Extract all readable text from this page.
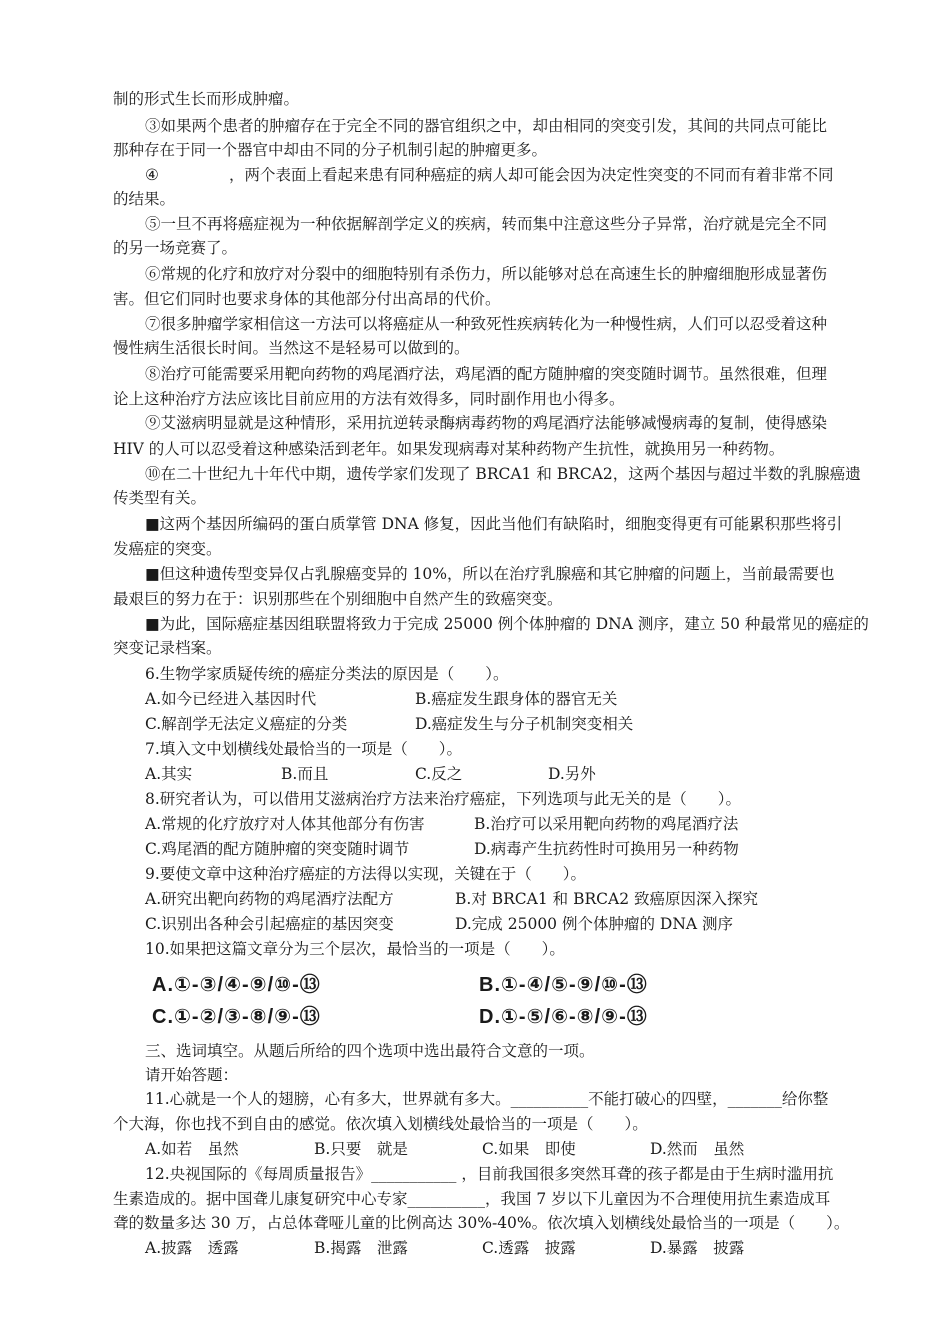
制的形式生长而形成肿瘤。
③如果两个患者的肿瘤存在于完全不同的器官组织之中，却由相同的突变引发，其间的共同点可能比
那种存在于同一个器官中却由不同的分子机制引起的肿瘤更多。
④	，两个表面上看起来患有同种癌症的病人却可能会因为决定性突变的不同而有着非常不同
的结果。
⑤一旦不再将癌症视为一种依据解剖学定义的疾病，转而集中注意这些分子异常，治疗就是完全不同
的另一场竞赛了。
⑥常规的化疗和放疗对分裂中的细胞特别有杀伤力，所以能够对总在高速生长的肿瘤细胞形成显著伤
害。但它们同时也要求身体的其他部分付出高昂的代价。
⑦很多肿瘤学家相信这一方法可以将癌症从一种致死性疾病转化为一种慢性病，人们可以忍受着这种
慢性病生活很长时间。当然这不是轻易可以做到的。
⑧治疗可能需要采用靶向药物的鸡尾酒疗法，鸡尾酒的配方随肿瘤的突变随时调节。虽然很难，但理
论上这种治疗方法应该比目前应用的方法有效得多，同时副作用也小得多。
⑨艾滋病明显就是这种情形，采用抗逆转录酶病毒药物的鸡尾酒疗法能够减慢病毒的复制，使得感染
HIV 的人可以忍受着这种感染活到老年。如果发现病毒对某种药物产生抗性，就换用另一种药物。
⑩在二十世纪九十年代中期，遗传学家们发现了 BRCA1 和 BRCA2，这两个基因与超过半数的乳腺癌遗
传类型有关。
■这两个基因所编码的蛋白质掌管 DNA 修复，因此当他们有缺陷时，细胞变得更有可能累积那些将引
发癌症的突变。
■但这种遗传型变异仅占乳腺癌变异的 10%，所以在治疗乳腺癌和其它肿瘤的问题上，当前最需要也
最艰巨的努力在于：识别那些在个别细胞中自然产生的致癌突变。
■为此，国际癌症基因组联盟将致力于完成 25000 例个体肿瘤的 DNA 测序，建立 50 种最常见的癌症的
突变记录档案。
6.生物学家质疑传统的癌症分类法的原因是（　　）。
A.如今已经进入基因时代	B.癌症发生跟身体的器官无关
C.解剖学无法定义癌症的分类	D.癌症发生与分子机制突变相关
7.填入文中划横线处最恰当的一项是（　　）。
A.其实	B.而且	C.反之	D.另外
8.研究者认为，可以借用艾滋病治疗方法来治疗癌症，下列选项与此无关的是（　　）。
A.常规的化疗放疗对人体其他部分有伤害	B.治疗可以采用靶向药物的鸡尾酒疗法
C.鸡尾酒的配方随肿瘤的突变随时调节	D.病毒产生抗药性时可换用另一种药物
9.要使文章中这种治疗癌症的方法得以实现，关键在于（　　）。
A.研究出靶向药物的鸡尾酒疗法配方	B.对 BRCA1 和 BRCA2 致癌原因深入探究
C.识别出各种会引起癌症的基因突变	D.完成 25000 例个体肿瘤的 DNA 测序
10.如果把这篇文章分为三个层次，最恰当的一项是（　　）。
A.①-③/④-⑨/⑩-⑬	B.①-④/⑤-⑨/⑩-⑬
C.①-②/③-⑧/⑨-⑬	D.①-⑤/⑥-⑧/⑨-⑬
三、选词填空。从题后所给的四个选项中选出最符合文意的一项。
请开始答题：
11.心就是一个人的翅膀，心有多大，世界就有多大。__________不能打破心的四壁，_______给你整
个大海，你也找不到自由的感觉。依次填入划横线处最恰当的一项是（　　）。
A.如若　虽然	B.只要　就是	C.如果　即使	D.然而　虽然
12.央视国际的《每周质量报告》___________ ，目前我国很多突然耳聋的孩子都是由于生病时滥用抗
生素造成的。据中国聋儿康复研究中心专家__________，我国 7 岁以下儿童因为不合理使用抗生素造成耳
聋的数量多达 30 万，占总体聋哑儿童的比例高达 30%-40%。依次填入划横线处最恰当的一项是（　　）。
A.披露　透露	B.揭露　泄露	C.透露　披露	D.暴露　披露
